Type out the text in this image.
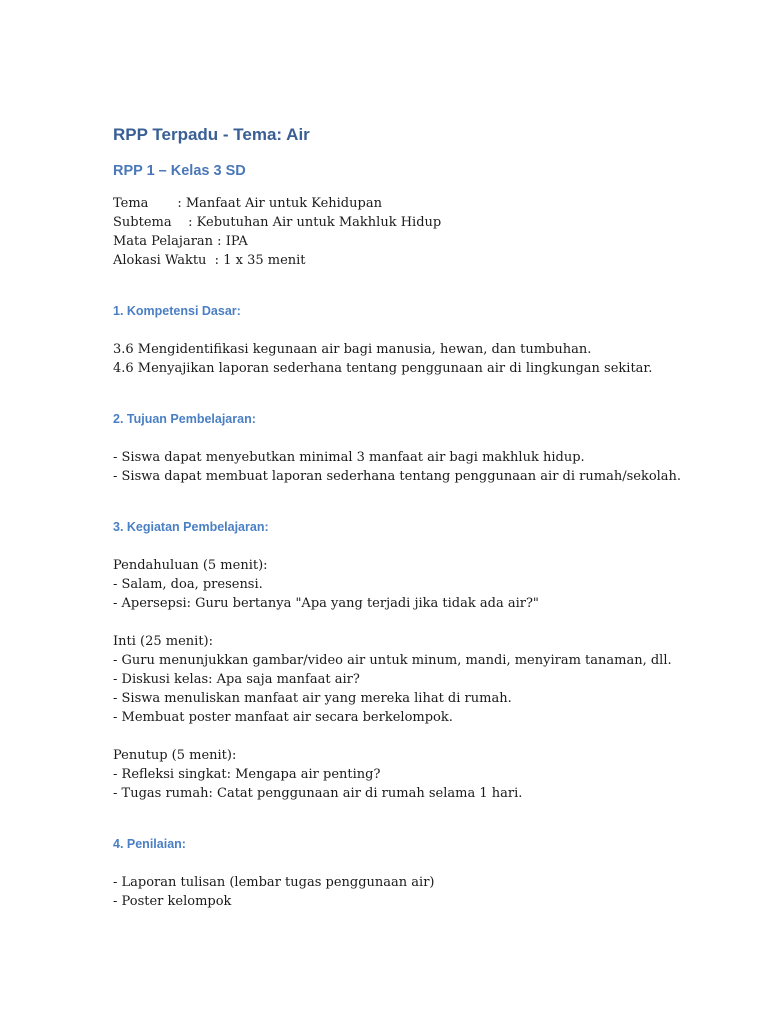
RPP Terpadu - Tema: Air
RPP 1 – Kelas 3 SD
Tema       : Manfaat Air untuk Kehidupan
Subtema    : Kebutuhan Air untuk Makhluk Hidup
Mata Pelajaran : IPA
Alokasi Waktu  : 1 x 35 menit
1. Kompetensi Dasar:
3.6 Mengidentifikasi kegunaan air bagi manusia, hewan, dan tumbuhan.
4.6 Menyajikan laporan sederhana tentang penggunaan air di lingkungan sekitar.
2. Tujuan Pembelajaran:
- Siswa dapat menyebutkan minimal 3 manfaat air bagi makhluk hidup.
- Siswa dapat membuat laporan sederhana tentang penggunaan air di rumah/sekolah.
3. Kegiatan Pembelajaran:
Pendahuluan (5 menit):
- Salam, doa, presensi.
- Apersepsi: Guru bertanya "Apa yang terjadi jika tidak ada air?"
Inti (25 menit):
- Guru menunjukkan gambar/video air untuk minum, mandi, menyiram tanaman, dll.
- Diskusi kelas: Apa saja manfaat air?
- Siswa menuliskan manfaat air yang mereka lihat di rumah.
- Membuat poster manfaat air secara berkelompok.
Penutup (5 menit):
- Refleksi singkat: Mengapa air penting?
- Tugas rumah: Catat penggunaan air di rumah selama 1 hari.
4. Penilaian:
- Laporan tulisan (lembar tugas penggunaan air)
- Poster kelompok
